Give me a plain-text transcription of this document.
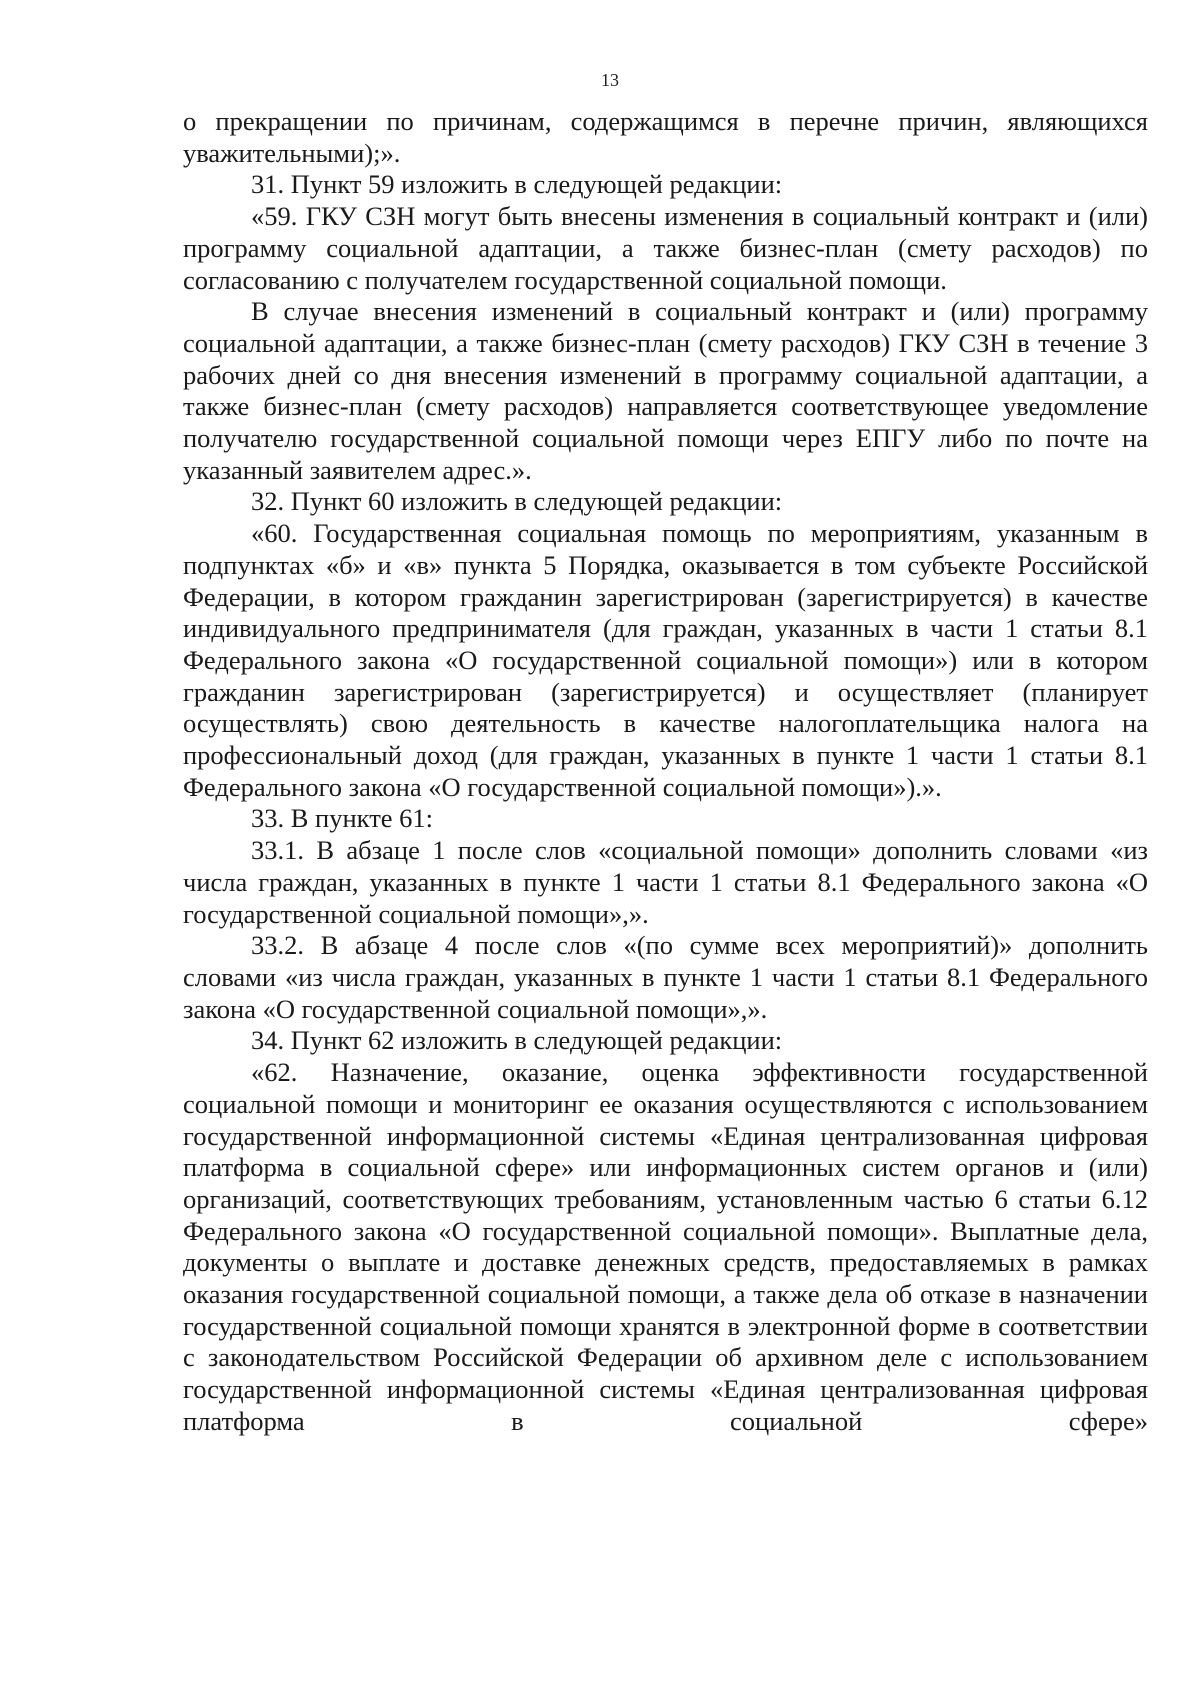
13

о прекращении по причинам, содержащимся в перечне причин, являющихся уважительными);».

31. Пункт 59 изложить в следующей редакции:

«59. ГКУ СЗН могут быть внесены изменения в социальный контракт и (или) программу социальной адаптации, а также бизнес-план (смету расходов) по согласованию с получателем государственной социальной помощи.

В случае внесения изменений в социальный контракт и (или) программу социальной адаптации, а также бизнес-план (смету расходов) ГКУ СЗН в течение 3 рабочих дней со дня внесения изменений в программу социальной адаптации, а также бизнес-план (смету расходов) направляется соответствующее уведомление получателю государственной социальной помощи через ЕПГУ либо по почте на указанный заявителем адрес.».

32. Пункт 60 изложить в следующей редакции:

«60. Государственная социальная помощь по мероприятиям, указанным в подпунктах «б» и «в» пункта 5 Порядка, оказывается в том субъекте Российской Федерации, в котором гражданин зарегистрирован (зарегистрируется) в качестве индивидуального предпринимателя (для граждан, указанных в части 1 статьи 8.1 Федерального закона «О государственной социальной помощи») или в котором гражданин зарегистрирован (зарегистрируется) и осуществляет (планирует осуществлять) свою деятельность в качестве налогоплательщика налога на профессиональный доход (для граждан, указанных в пункте 1 части 1 статьи 8.1 Федерального закона «О государственной социальной помощи»).».

33. В пункте 61:

33.1. В абзаце 1 после слов «социальной помощи» дополнить словами «из числа граждан, указанных в пункте 1 части 1 статьи 8.1 Федерального закона «О государственной социальной помощи»,».

33.2. В абзаце 4 после слов «(по сумме всех мероприятий)» дополнить словами «из числа граждан, указанных в пункте 1 части 1 статьи 8.1 Федерального закона «О государственной социальной помощи»,».

34. Пункт 62 изложить в следующей редакции:

«62. Назначение, оказание, оценка эффективности государственной социальной помощи и мониторинг ее оказания осуществляются с использованием государственной информационной системы «Единая централизованная цифровая платформа в социальной сфере» или информационных систем органов и (или) организаций, соответствующих требованиям, установленным частью 6 статьи 6.12 Федерального закона «О государственной социальной помощи». Выплатные дела, документы о выплате и доставке денежных средств, предоставляемых в рамках оказания государственной социальной помощи, а также дела об отказе в назначении государственной социальной помощи хранятся в электронной форме в соответствии с законодательством Российской Федерации об архивном деле с использованием государственной информационной системы «Единая централизованная цифровая платформа в социальной сфере»
